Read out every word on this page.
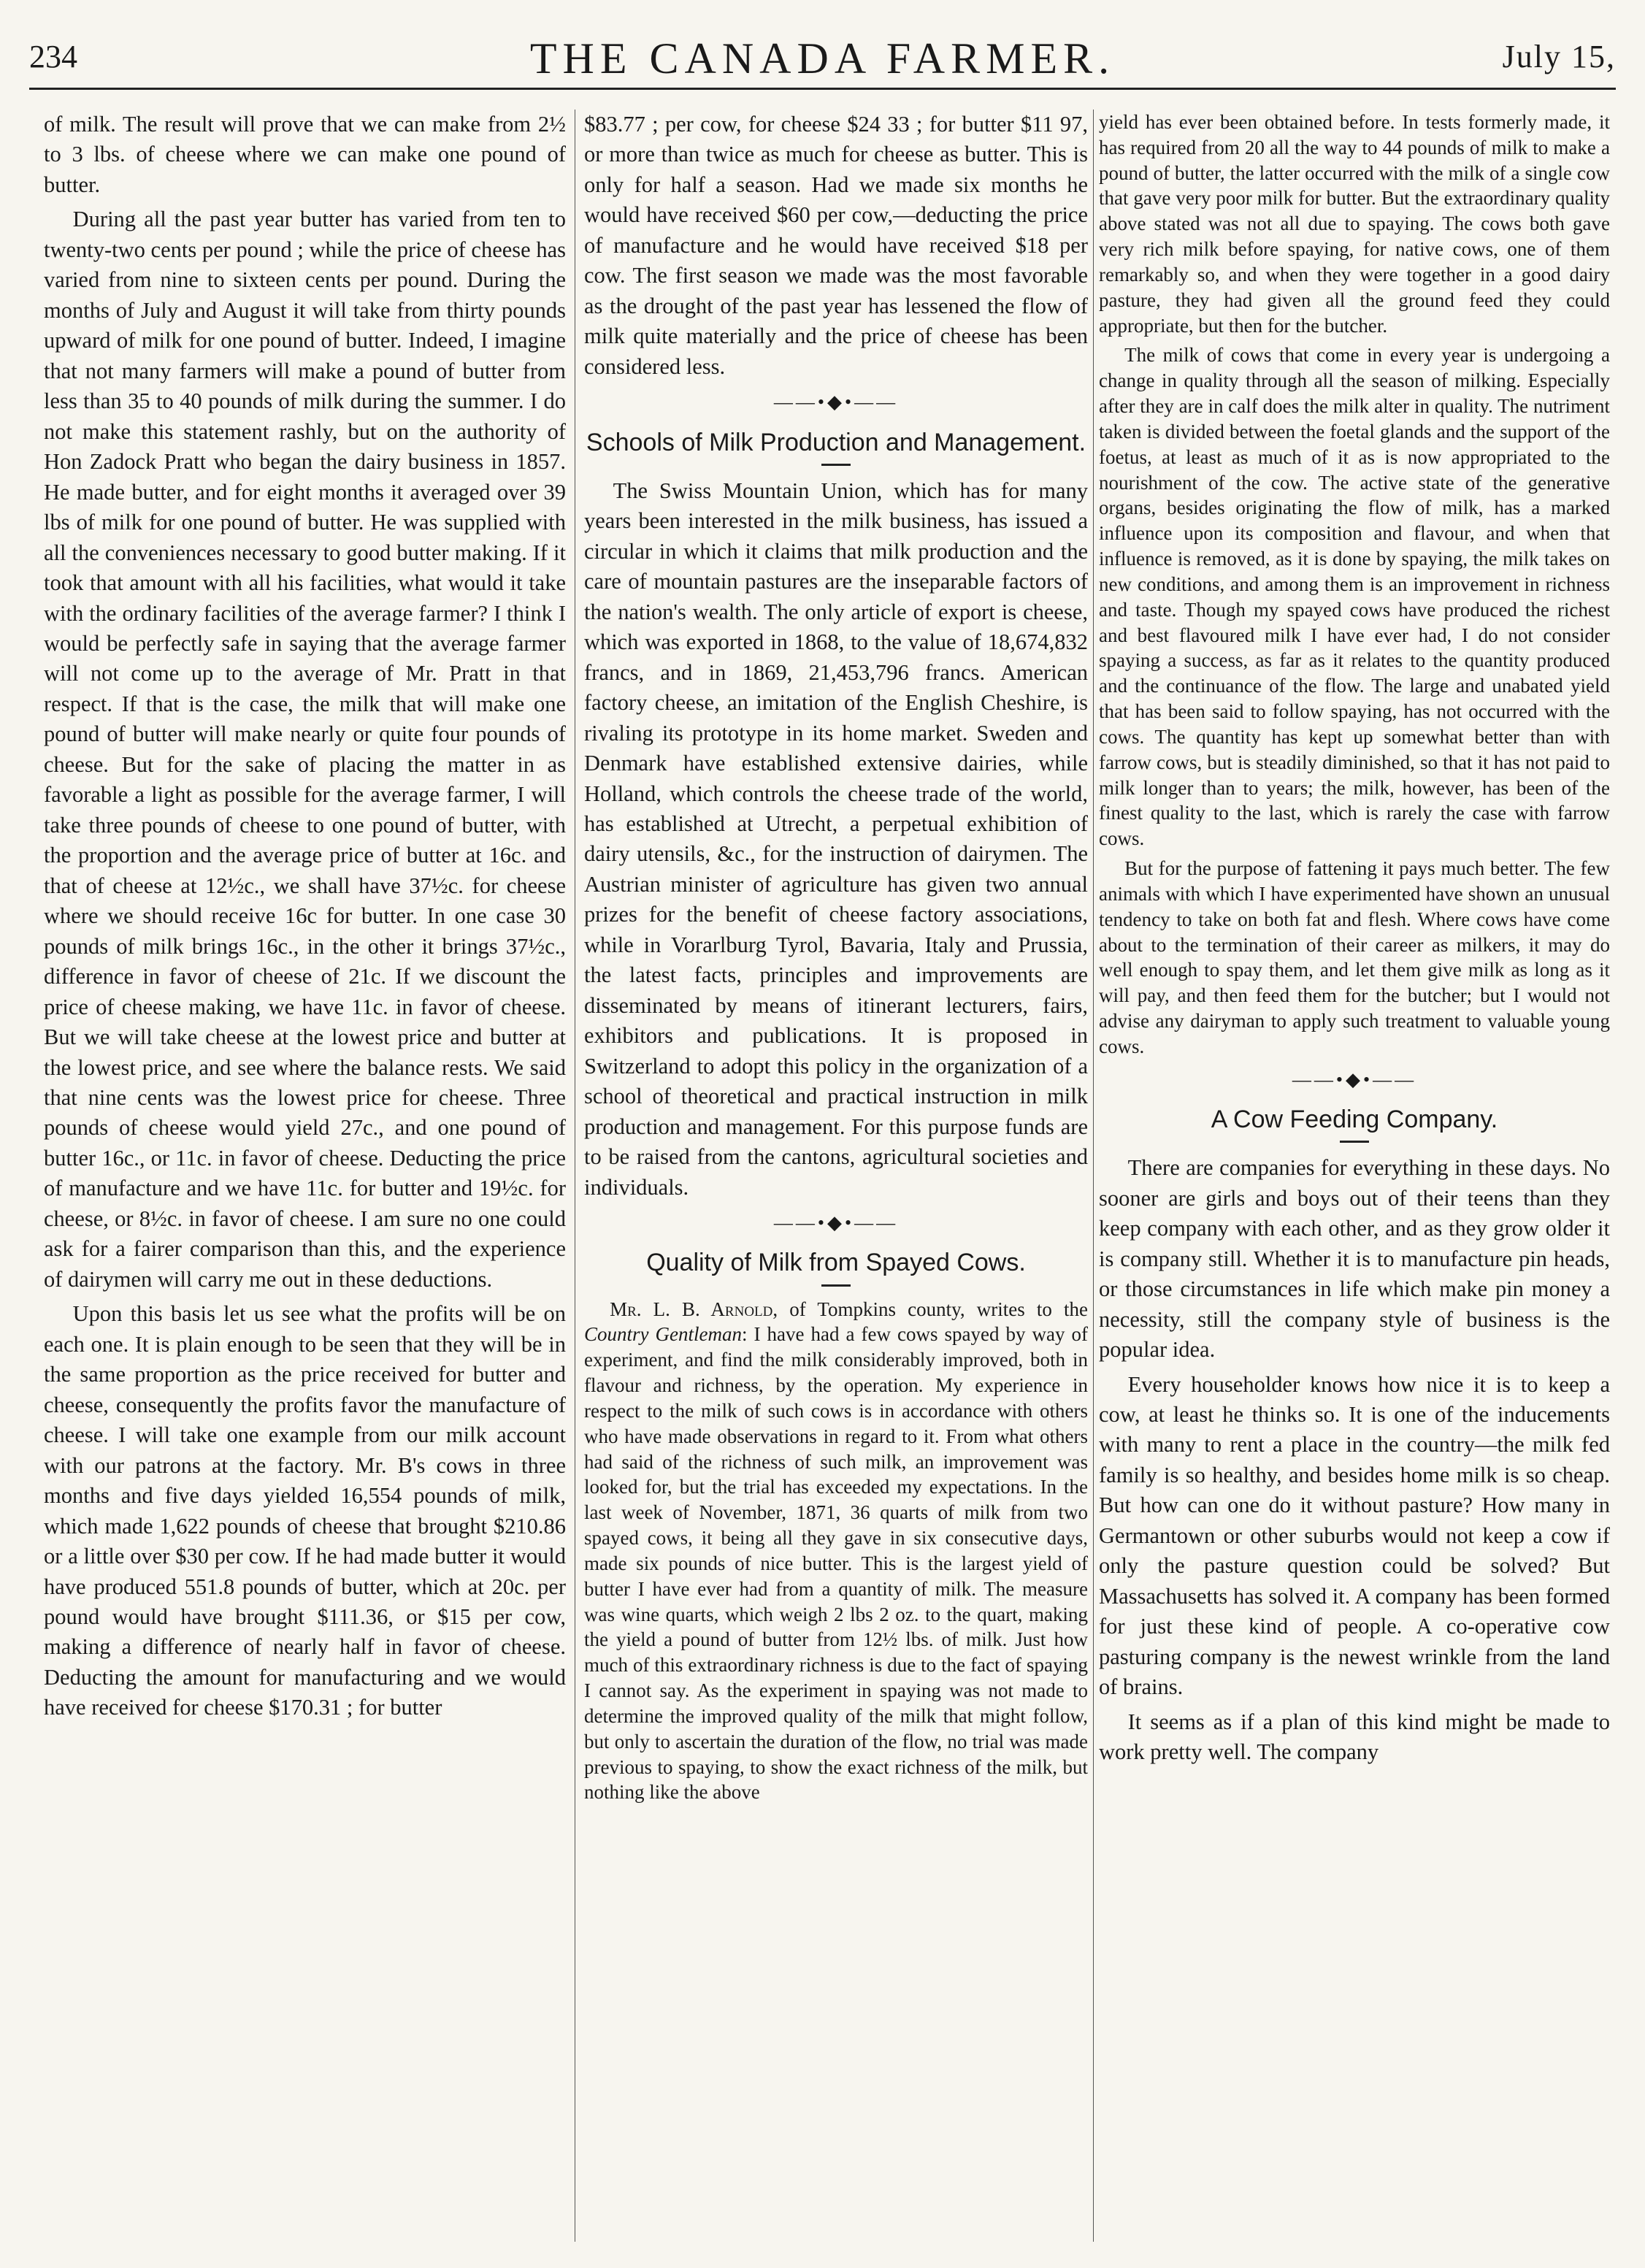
234	THE CANADA FARMER.	July 15,

of milk. The result will prove that we can make from 2½ to 3 lbs. of cheese where we can make one pound of butter.

During all the past year butter has varied from ten to twenty-two cents per pound ; while the price of cheese has varied from nine to sixteen cents per pound. During the months of July and August it will take from thirty pounds upward of milk for one pound of butter. Indeed, I imagine that not many farmers will make a pound of butter from less than 35 to 40 pounds of milk during the summer. I do not make this statement rashly, but on the authority of Hon Zadock Pratt who began the dairy business in 1857. He made butter, and for eight months it averaged over 39 lbs of milk for one pound of butter. He was supplied with all the conveniences necessary to good butter making. If it took that amount with all his facilities, what would it take with the ordinary facilities of the average farmer? I think I would be perfectly safe in saying that the average farmer will not come up to the average of Mr. Pratt in that respect. If that is the case, the milk that will make one pound of butter will make nearly or quite four pounds of cheese. But for the sake of placing the matter in as favorable a light as possible for the average farmer, I will take three pounds of cheese to one pound of butter, with the proportion and the average price of butter at 16c. and that of cheese at 12½c., we shall have 37½c. for cheese where we should receive 16c for butter. In one case 30 pounds of milk brings 16c., in the other it brings 37½c., difference in favor of cheese of 21c. If we discount the price of cheese making, we have 11c. in favor of cheese. But we will take cheese at the lowest price and butter at the lowest price, and see where the balance rests. We said that nine cents was the lowest price for cheese. Three pounds of cheese would yield 27c., and one pound of butter 16c., or 11c. in favor of cheese. Deducting the price of manufacture and we have 11c. for butter and 19½c. for cheese, or 8½c. in favor of cheese. I am sure no one could ask for a fairer comparison than this, and the experience of dairymen will carry me out in these deductions.

Upon this basis let us see what the profits will be on each one. It is plain enough to be seen that they will be in the same proportion as the price received for butter and cheese, consequently the profits favor the manufacture of cheese. I will take one example from our milk account with our patrons at the factory. Mr. B's cows in three months and five days yielded 16,554 pounds of milk, which made 1,622 pounds of cheese that brought $210.86 or a little over $30 per cow. If he had made butter it would have produced 551.8 pounds of butter, which at 20c. per pound would have brought $111.36, or $15 per cow, making a difference of nearly half in favor of cheese. Deducting the amount for manufacturing and we would have received for cheese $170.31 ; for butter

$83.77 ; per cow, for cheese $24 33 ; for butter $11 97, or more than twice as much for cheese as butter. This is only for half a season. Had we made six months he would have received $60 per cow,—deducting the price of manufacture and he would have received $18 per cow. The first season we made was the most favorable as the drought of the past year has lessened the flow of milk quite materially and the price of cheese has been considered less.

——•◆•——
Schools of Milk Production and Management.

The Swiss Mountain Union, which has for many years been interested in the milk business, has issued a circular in which it claims that milk production and the care of mountain pastures are the inseparable factors of the nation's wealth. The only article of export is cheese, which was exported in 1868, to the value of 18,674,832 francs, and in 1869, 21,453,796 francs. American factory cheese, an imitation of the English Cheshire, is rivaling its prototype in its home market. Sweden and Denmark have established extensive dairies, while Holland, which controls the cheese trade of the world, has established at Utrecht, a perpetual exhibition of dairy utensils, &c., for the instruction of dairymen. The Austrian minister of agriculture has given two annual prizes for the benefit of cheese factory associations, while in Vorarlburg Tyrol, Bavaria, Italy and Prussia, the latest facts, principles and improvements are disseminated by means of itinerant lecturers, fairs, exhibitors and publications. It is proposed in Switzerland to adopt this policy in the organization of a school of theoretical and practical instruction in milk production and management. For this purpose funds are to be raised from the cantons, agricultural societies and individuals.

——•◆•——
Quality of Milk from Spayed Cows.

Mr. L. B. Arnold, of Tompkins county, writes to the Country Gentleman: I have had a few cows spayed by way of experiment, and find the milk considerably improved, both in flavour and richness, by the operation. My experience in respect to the milk of such cows is in accordance with others who have made observations in regard to it. From what others had said of the richness of such milk, an improvement was looked for, but the trial has exceeded my expectations. In the last week of November, 1871, 36 quarts of milk from two spayed cows, it being all they gave in six consecutive days, made six pounds of nice butter. This is the largest yield of butter I have ever had from a quantity of milk. The measure was wine quarts, which weigh 2 lbs 2 oz. to the quart, making the yield a pound of butter from 12½ lbs. of milk. Just how much of this extraordinary richness is due to the fact of spaying I cannot say. As the experiment in spaying was not made to determine the improved quality of the milk that might follow, but only to ascertain the duration of the flow, no trial was made previous to spaying, to show the exact richness of the milk, but nothing like the above

yield has ever been obtained before. In tests formerly made, it has required from 20 all the way to 44 pounds of milk to make a pound of butter, the latter occurred with the milk of a single cow that gave very poor milk for butter. But the extraordinary quality above stated was not all due to spaying. The cows both gave very rich milk before spaying, for native cows, one of them remarkably so, and when they were together in a good dairy pasture, they had given all the ground feed they could appropriate, but then for the butcher.

The milk of cows that come in every year is undergoing a change in quality through all the season of milking. Especially after they are in calf does the milk alter in quality. The nutriment taken is divided between the foetal glands and the support of the foetus, at least as much of it as is now appropriated to the nourishment of the cow. The active state of the generative organs, besides originating the flow of milk, has a marked influence upon its composition and flavour, and when that influence is removed, as it is done by spaying, the milk takes on new conditions, and among them is an improvement in richness and taste. Though my spayed cows have produced the richest and best flavoured milk I have ever had, I do not consider spaying a success, as far as it relates to the quantity produced and the continuance of the flow. The large and unabated yield that has been said to follow spaying, has not occurred with the cows. The quantity has kept up somewhat better than with farrow cows, but is steadily diminished, so that it has not paid to milk longer than to years; the milk, however, has been of the finest quality to the last, which is rarely the case with farrow cows.

But for the purpose of fattening it pays much better. The few animals with which I have experimented have shown an unusual tendency to take on both fat and flesh. Where cows have come about to the termination of their career as milkers, it may do well enough to spay them, and let them give milk as long as it will pay, and then feed them for the butcher; but I would not advise any dairyman to apply such treatment to valuable young cows.

——•◆•——
A Cow Feeding Company.

There are companies for everything in these days. No sooner are girls and boys out of their teens than they keep company with each other, and as they grow older it is company still. Whether it is to manufacture pin heads, or those circumstances in life which make pin money a necessity, still the company style of business is the popular idea.

Every householder knows how nice it is to keep a cow, at least he thinks so. It is one of the inducements with many to rent a place in the country—the milk fed family is so healthy, and besides home milk is so cheap. But how can one do it without pasture? How many in Germantown or other suburbs would not keep a cow if only the pasture question could be solved? But Massachusetts has solved it. A company has been formed for just these kind of people. A co-operative cow pasturing company is the newest wrinkle from the land of brains.

It seems as if a plan of this kind might be made to work pretty well. The company
